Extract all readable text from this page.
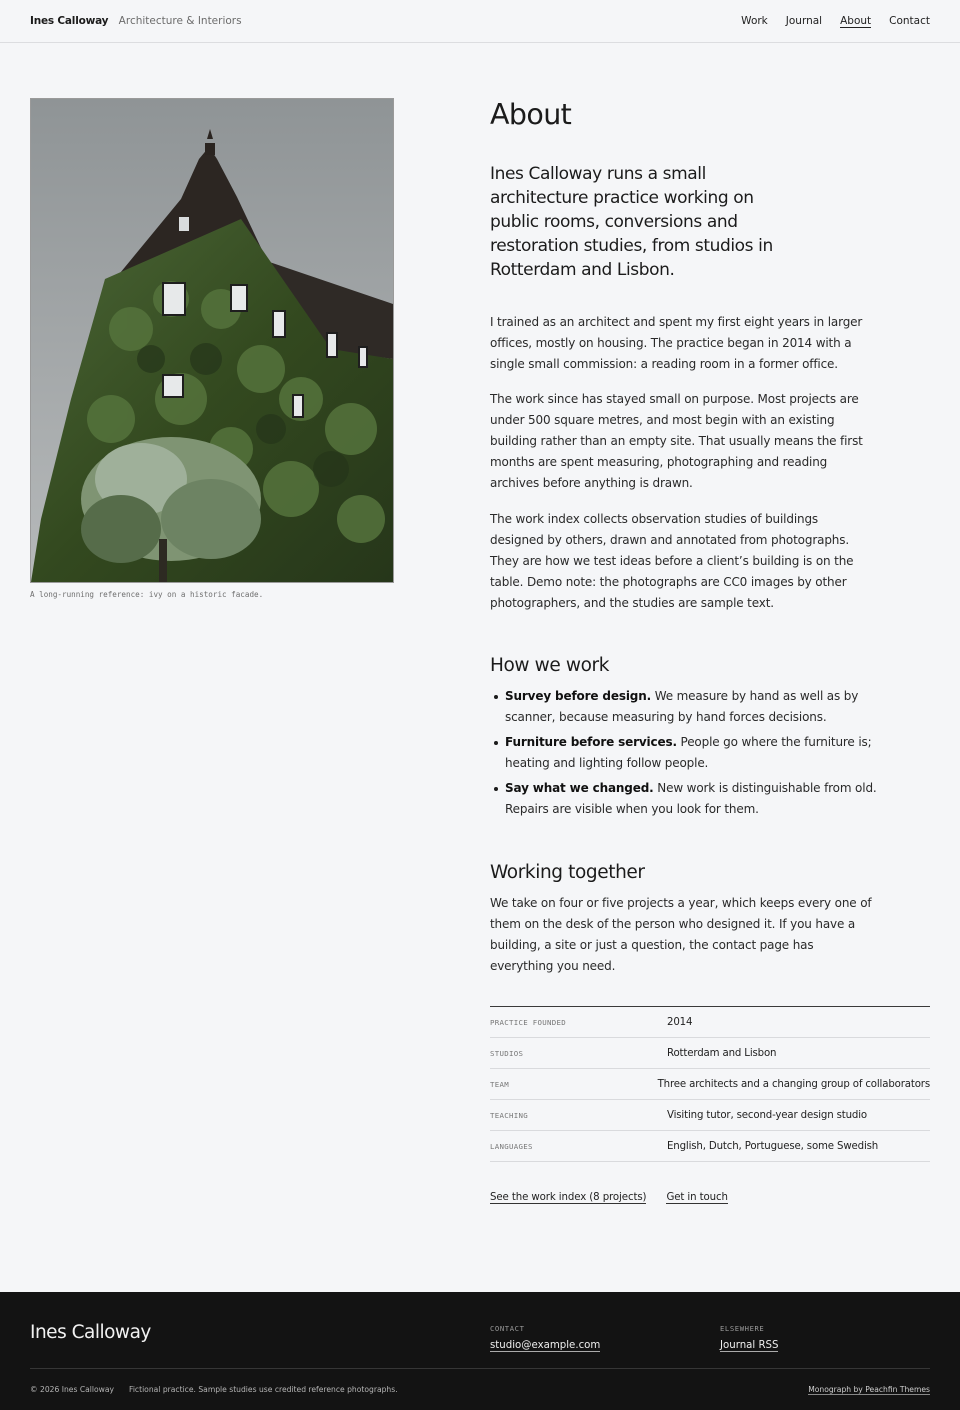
Ines Calloway Architecture & Interiors	Work Journal About Contact
A long-running reference: ivy on a historic facade.
About

Ines Calloway runs a small architecture practice working on public rooms, conversions and restoration studies, from studios in Rotterdam and Lisbon.

I trained as an architect and spent my first eight years in larger offices, mostly on housing. The practice began in 2014 with a single small commission: a reading room in a former office.

The work since has stayed small on purpose. Most projects are under 500 square metres, and most begin with an existing building rather than an empty site. That usually means the first months are spent measuring, photographing and reading archives before anything is drawn.

The work index collects observation studies of buildings designed by others, drawn and annotated from photographs. They are how we test ideas before a client’s building is on the table. Demo note: the photographs are CC0 images by other photographers, and the studies are sample text.

How we work
Survey before design. We measure by hand as well as by scanner, because measuring by hand forces decisions.
Furniture before services. People go where the furniture is; heating and lighting follow people.
Say what we changed. New work is distinguishable from old. Repairs are visible when you look for them.
Working together

We take on four or five projects a year, which keeps every one of them on the desk of the person who designed it. If you have a building, a site or just a question, the contact page has everything you need.

PRACTICE FOUNDED	2014
STUDIOS	Rotterdam and Lisbon
TEAM	Three architects and a changing group of collaborators
TEACHING	Visiting tutor, second-year design studio
LANGUAGES	English, Dutch, Portuguese, some Swedish
See the work index (8 projects) Get in touch
Ines Calloway	CONTACT
studio@example.com
ELSEWHERE
Journal RSS
© 2026 Ines Calloway Fictional practice. Sample studies use credited reference photographs.	Monograph by Peachfin Themes
